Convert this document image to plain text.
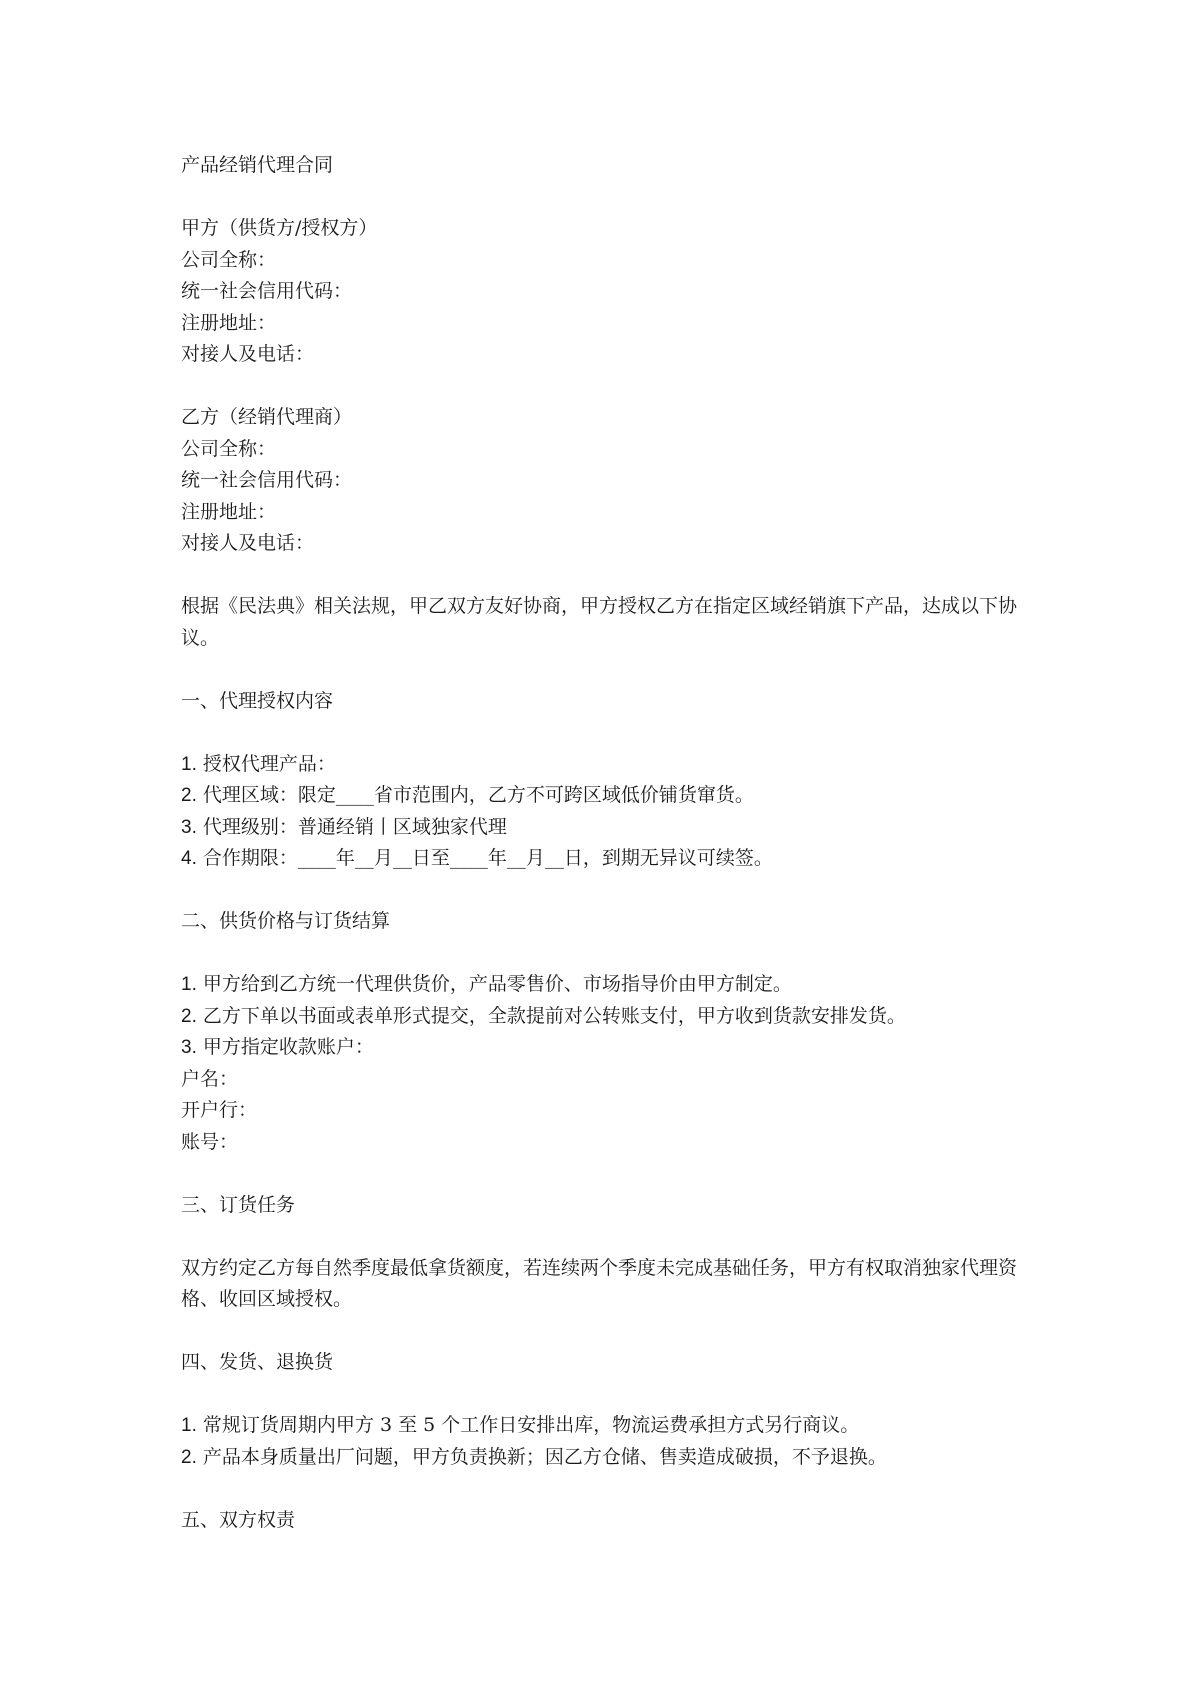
产品经销代理合同
甲方（供货方/授权方）
公司全称：
统一社会信用代码：
注册地址：
对接人及电话：
乙方（经销代理商）
公司全称：
统一社会信用代码：
注册地址：
对接人及电话：
根据《民法典》相关法规，甲乙双方友好协商，甲方授权乙方在指定区域经销旗下产品，达成以下协议。
一、代理授权内容
1. 授权代理产品：
2. 代理区域：限定____省市范围内，乙方不可跨区域低价铺货窜货。
3. 代理级别：普通经销丨区域独家代理
4. 合作期限：____年__月__日至____年__月__日，到期无异议可续签。
二、供货价格与订货结算
1. 甲方给到乙方统一代理供货价，产品零售价、市场指导价由甲方制定。
2. 乙方下单以书面或表单形式提交，全款提前对公转账支付，甲方收到货款安排发货。
3. 甲方指定收款账户：
户名：
开户行：
账号：
三、订货任务
双方约定乙方每自然季度最低拿货额度，若连续两个季度未完成基础任务，甲方有权取消独家代理资格、收回区域授权。
四、发货、退换货
1. 常规订货周期内甲方 3 至 5 个工作日安排出库，物流运费承担方式另行商议。
2. 产品本身质量出厂问题，甲方负责换新；因乙方仓储、售卖造成破损，不予退换。
五、双方权责
